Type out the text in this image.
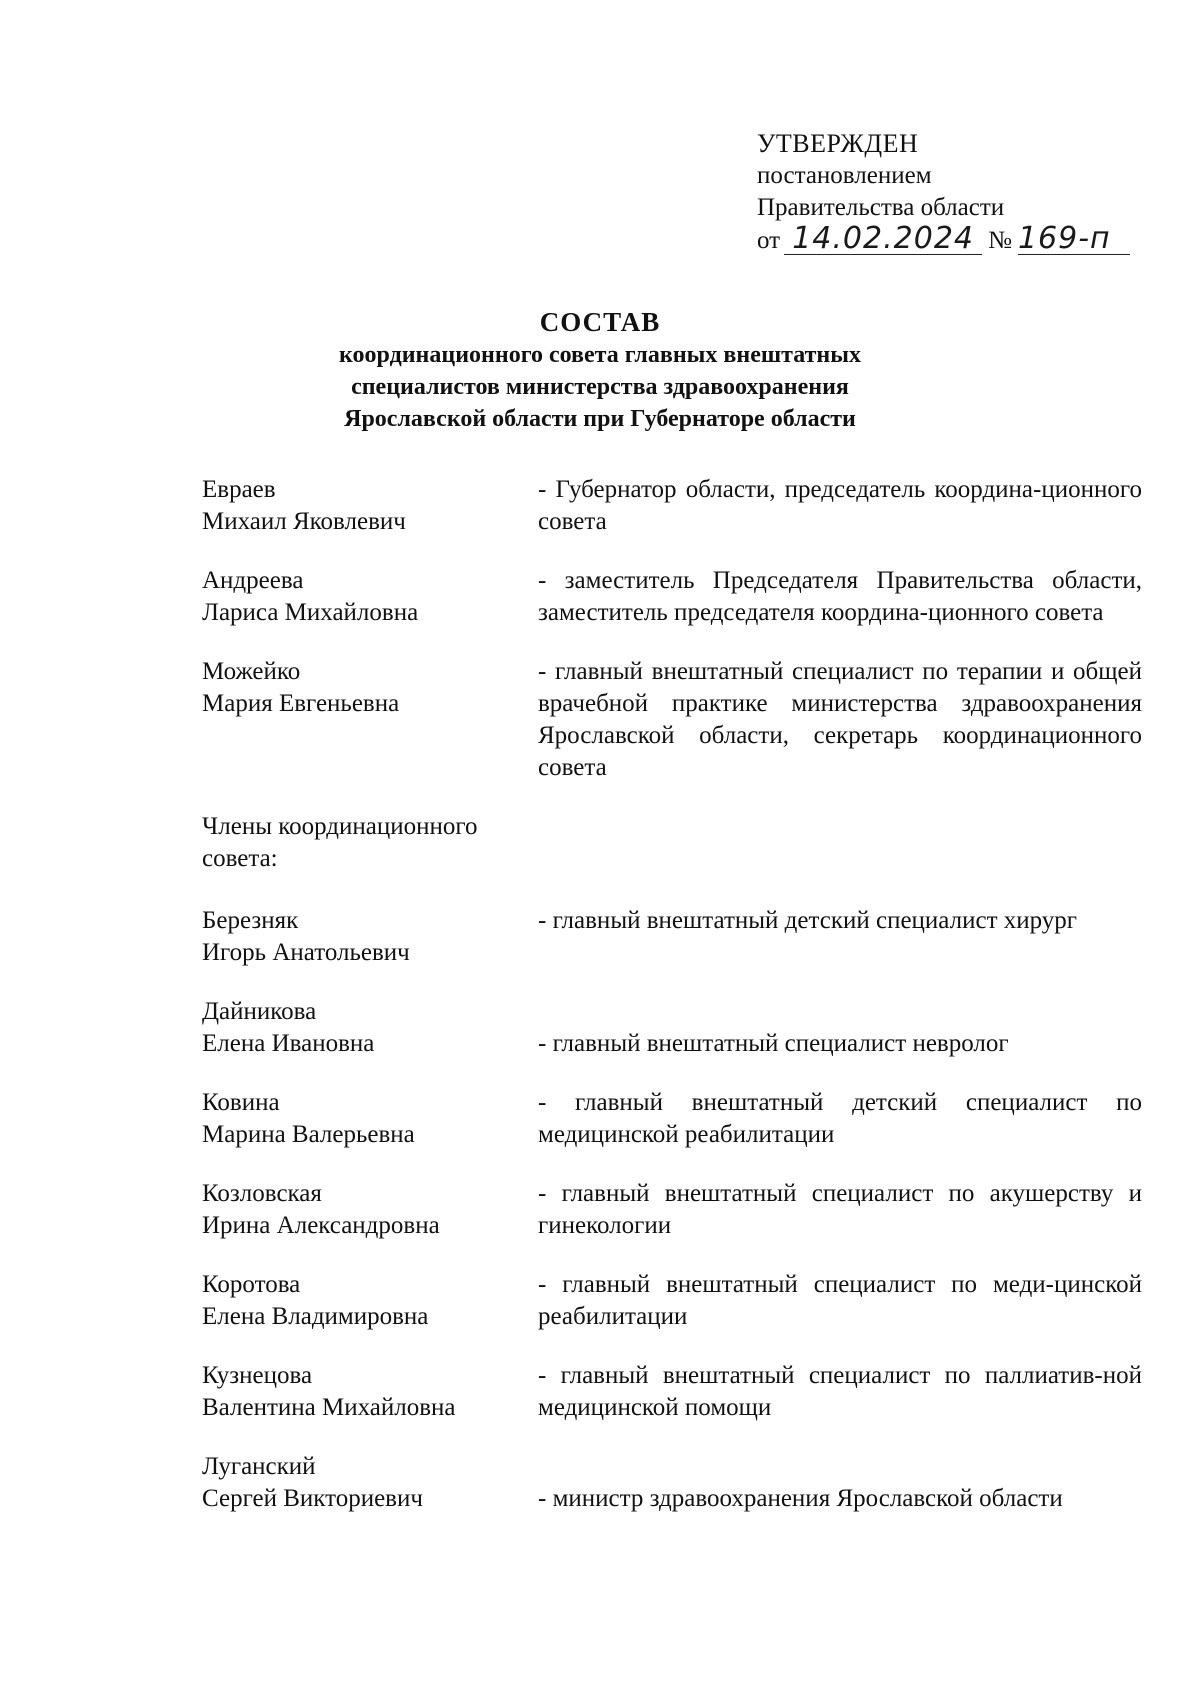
УТВЕРЖДЕН
постановлением
Правительства области
от 14.02.2024 № 169-п
СОСТАВ
координационного совета главных внештатных
специалистов министерства здравоохранения
Ярославской области при Губернаторе области
Евраев
Михаил Яковлевич
- Губернатор области, председатель координа-ционного совета
Андреева
Лариса Михайловна
- заместитель Председателя Правительства области, заместитель председателя координа-ционного совета
Можейко
Мария Евгеньевна
- главный внештатный специалист по терапии и общей врачебной практике министерства здравоохранения Ярославской области, секретарь координационного совета
Члены координационного совета:
Березняк
Игорь Анатольевич
- главный внештатный детский специалист хирург
Дайникова
Елена Ивановна	- главный внештатный специалист невролог
Ковина
Марина Валерьевна
- главный внештатный детский специалист по медицинской реабилитации
Козловская
Ирина Александровна
- главный внештатный специалист по акушерству и гинекологии
Коротова
Елена Владимировна
- главный внештатный специалист по меди-цинской реабилитации
Кузнецова
Валентина Михайловна
- главный внештатный специалист по паллиатив-ной медицинской помощи
Луганский
Сергей Викториевич	- министр здравоохранения Ярославской области
